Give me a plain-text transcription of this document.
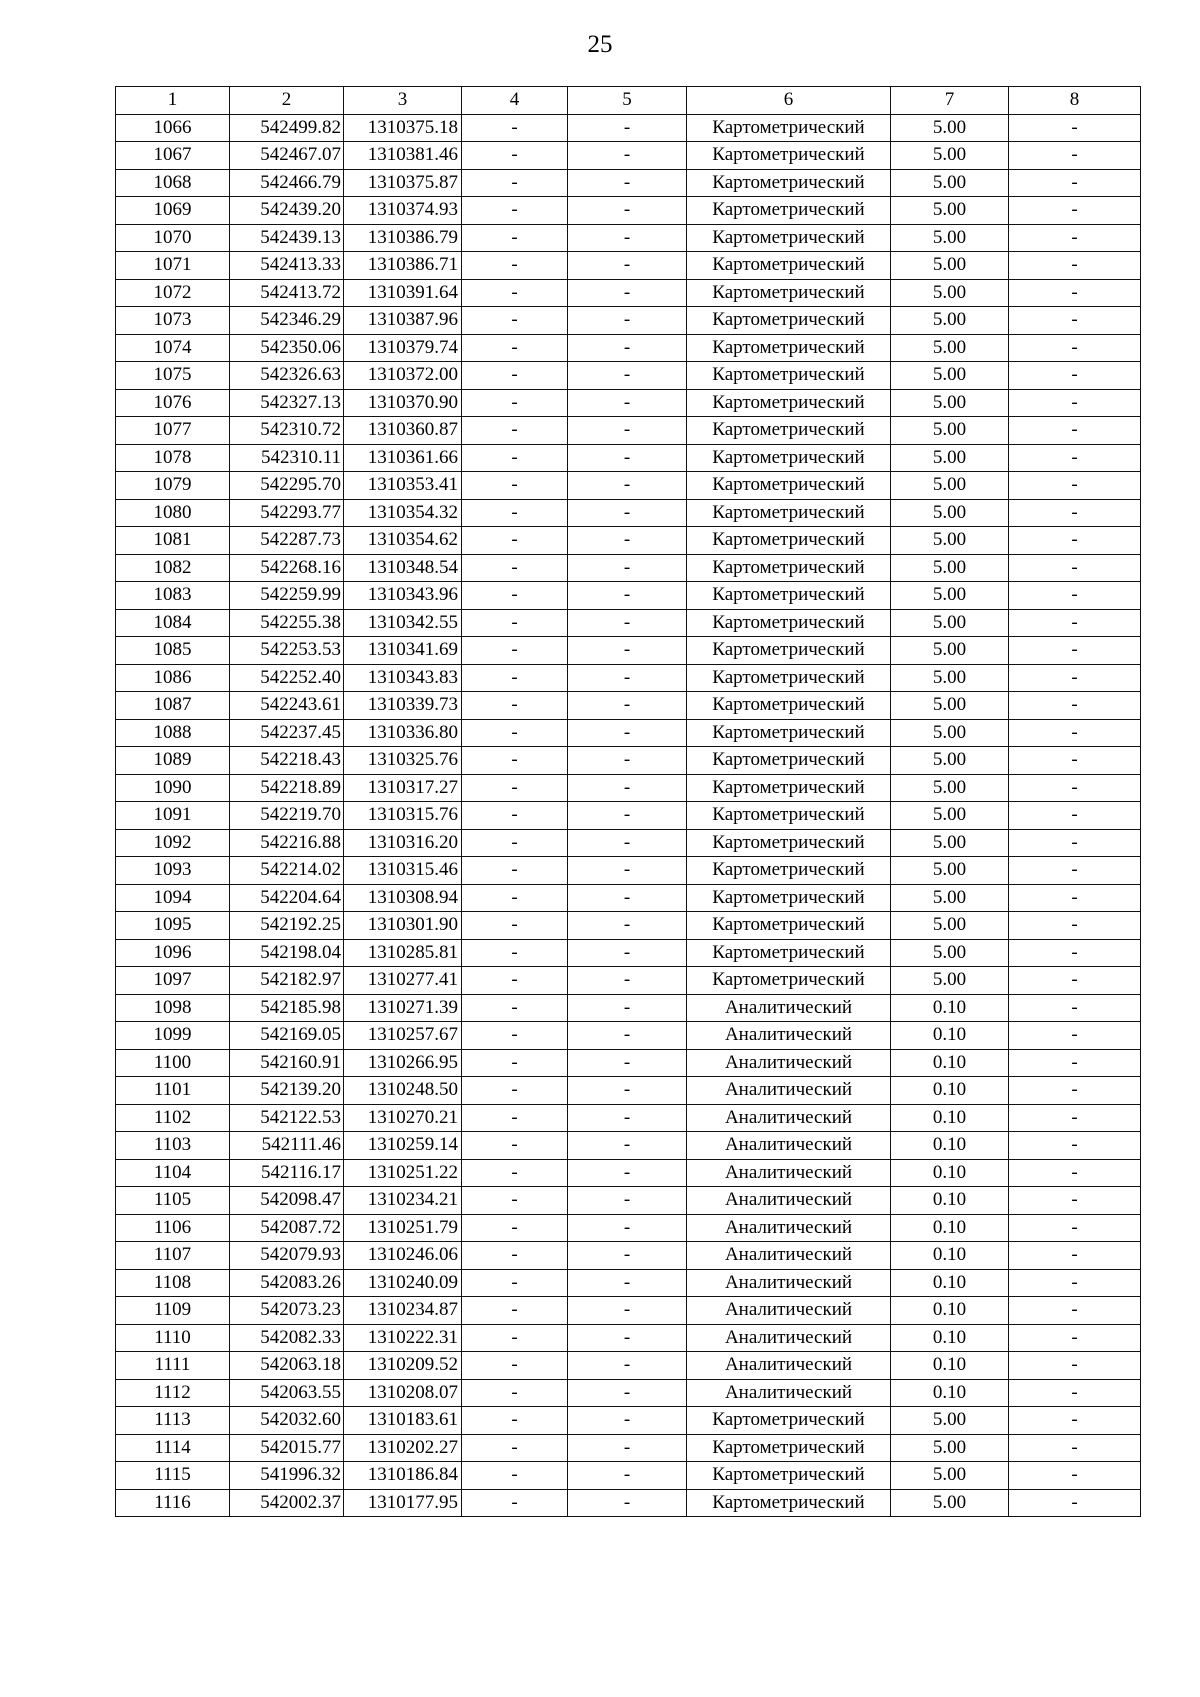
25
1	2	3	4	5	6	7	8
1066	542499.82	1310375.18	-	-	Картометрический	5.00	-
1067	542467.07	1310381.46	-	-	Картометрический	5.00	-
1068	542466.79	1310375.87	-	-	Картометрический	5.00	-
1069	542439.20	1310374.93	-	-	Картометрический	5.00	-
1070	542439.13	1310386.79	-	-	Картометрический	5.00	-
1071	542413.33	1310386.71	-	-	Картометрический	5.00	-
1072	542413.72	1310391.64	-	-	Картометрический	5.00	-
1073	542346.29	1310387.96	-	-	Картометрический	5.00	-
1074	542350.06	1310379.74	-	-	Картометрический	5.00	-
1075	542326.63	1310372.00	-	-	Картометрический	5.00	-
1076	542327.13	1310370.90	-	-	Картометрический	5.00	-
1077	542310.72	1310360.87	-	-	Картометрический	5.00	-
1078	542310.11	1310361.66	-	-	Картометрический	5.00	-
1079	542295.70	1310353.41	-	-	Картометрический	5.00	-
1080	542293.77	1310354.32	-	-	Картометрический	5.00	-
1081	542287.73	1310354.62	-	-	Картометрический	5.00	-
1082	542268.16	1310348.54	-	-	Картометрический	5.00	-
1083	542259.99	1310343.96	-	-	Картометрический	5.00	-
1084	542255.38	1310342.55	-	-	Картометрический	5.00	-
1085	542253.53	1310341.69	-	-	Картометрический	5.00	-
1086	542252.40	1310343.83	-	-	Картометрический	5.00	-
1087	542243.61	1310339.73	-	-	Картометрический	5.00	-
1088	542237.45	1310336.80	-	-	Картометрический	5.00	-
1089	542218.43	1310325.76	-	-	Картометрический	5.00	-
1090	542218.89	1310317.27	-	-	Картометрический	5.00	-
1091	542219.70	1310315.76	-	-	Картометрический	5.00	-
1092	542216.88	1310316.20	-	-	Картометрический	5.00	-
1093	542214.02	1310315.46	-	-	Картометрический	5.00	-
1094	542204.64	1310308.94	-	-	Картометрический	5.00	-
1095	542192.25	1310301.90	-	-	Картометрический	5.00	-
1096	542198.04	1310285.81	-	-	Картометрический	5.00	-
1097	542182.97	1310277.41	-	-	Картометрический	5.00	-
1098	542185.98	1310271.39	-	-	Аналитический	0.10	-
1099	542169.05	1310257.67	-	-	Аналитический	0.10	-
1100	542160.91	1310266.95	-	-	Аналитический	0.10	-
1101	542139.20	1310248.50	-	-	Аналитический	0.10	-
1102	542122.53	1310270.21	-	-	Аналитический	0.10	-
1103	542111.46	1310259.14	-	-	Аналитический	0.10	-
1104	542116.17	1310251.22	-	-	Аналитический	0.10	-
1105	542098.47	1310234.21	-	-	Аналитический	0.10	-
1106	542087.72	1310251.79	-	-	Аналитический	0.10	-
1107	542079.93	1310246.06	-	-	Аналитический	0.10	-
1108	542083.26	1310240.09	-	-	Аналитический	0.10	-
1109	542073.23	1310234.87	-	-	Аналитический	0.10	-
1110	542082.33	1310222.31	-	-	Аналитический	0.10	-
1111	542063.18	1310209.52	-	-	Аналитический	0.10	-
1112	542063.55	1310208.07	-	-	Аналитический	0.10	-
1113	542032.60	1310183.61	-	-	Картометрический	5.00	-
1114	542015.77	1310202.27	-	-	Картометрический	5.00	-
1115	541996.32	1310186.84	-	-	Картометрический	5.00	-
1116	542002.37	1310177.95	-	-	Картометрический	5.00	-
